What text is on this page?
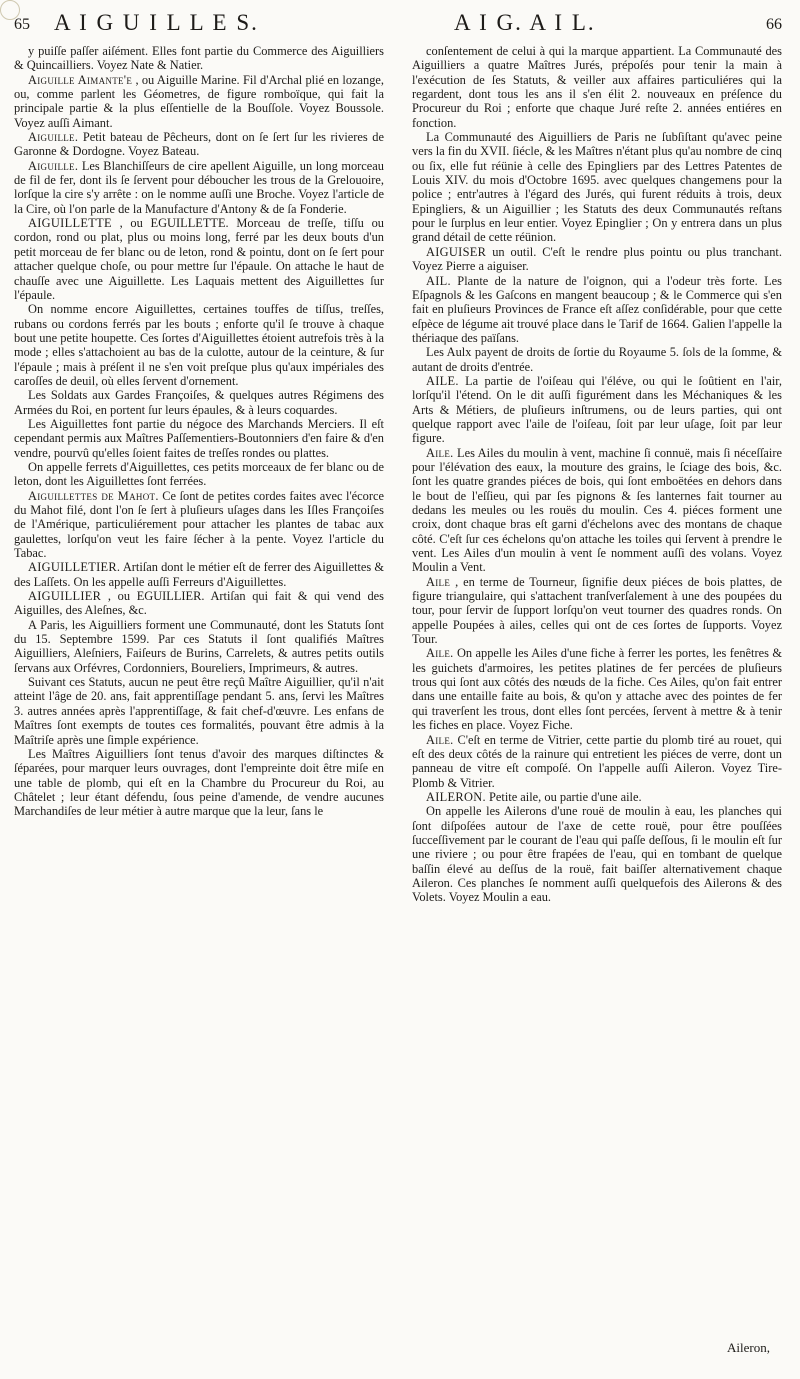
65 A I G U I L L E S.	A I G. A I L.	66

y puiſſe paſſer aiſément. Elles font partie du Commerce des Aiguilliers & Quincailliers. Voyez Nate & Natier.

Aiguille Aimante'e , ou Aiguille Marine. Fil d'Archal plié en lozange, ou, comme parlent les Géometres, de figure romboïque, qui fait la principale partie & la plus eſſentielle de la Bouſſole. Voyez Boussole. Voyez auſſi Aimant.

Aiguille. Petit bateau de Pêcheurs, dont on ſe ſert ſur les rivieres de Garonne & Dordogne. Voyez Bateau.

Aiguille. Les Blanchiſſeurs de cire apellent Aiguille, un long morceau de fil de fer, dont ils ſe ſervent pour déboucher les trous de la Grelouoire, lorſque la cire s'y arrête : on le nomme auſſi une Broche. Voyez l'article de la Cire, où l'on parle de la Manufacture d'Antony & de ſa Fonderie.

AIGUILLETTE , ou EGUILLETTE. Morceau de treſſe, tiſſu ou cordon, rond ou plat, plus ou moins long, ferré par les deux bouts d'un petit morceau de fer blanc ou de leton, rond & pointu, dont on ſe ſert pour attacher quelque choſe, ou pour mettre ſur l'épaule. On attache le haut de chauſſe avec une Aiguillette. Les Laquais mettent des Aiguillettes ſur l'épaule.

On nomme encore Aiguillettes, certaines touffes de tiſſus, treſſes, rubans ou cordons ferrés par les bouts ; enforte qu'il ſe trouve à chaque bout une petite houpette. Ces ſortes d'Aiguillettes étoient autrefois très à la mode ; elles s'attachoient au bas de la culotte, autour de la ceinture, & ſur l'épaule ; mais à préſent il ne s'en voit preſque plus qu'aux impériales des caroſſes de deuil, où elles ſervent d'ornement.

Les Soldats aux Gardes Françoiſes, & quelques autres Régimens des Armées du Roi, en portent ſur leurs épaules, & à leurs coquardes.

Les Aiguillettes font partie du négoce des Marchands Merciers. Il eſt cependant permis aux Maîtres Paſſementiers-Boutonniers d'en faire & d'en vendre, pourvû qu'elles ſoient faites de treſſes rondes ou plattes.

On appelle ferrets d'Aiguillettes, ces petits morceaux de fer blanc ou de leton, dont les Aiguillettes ſont ferrées.

Aiguillettes de Mahot. Ce ſont de petites cordes faites avec l'écorce du Mahot filé, dont l'on ſe ſert à pluſieurs uſages dans les Iſles Françoiſes de l'Amérique, particuliérement pour attacher les plantes de tabac aux gaulettes, lorſqu'on veut les faire ſécher à la pente. Voyez l'article du Tabac.

AIGUILLETIER. Artiſan dont le métier eſt de ferrer des Aiguillettes & des Laſſets. On les appelle auſſi Ferreurs d'Aiguillettes.

AIGUILLIER , ou EGUILLIER. Artiſan qui fait & qui vend des Aiguilles, des Aleſnes, &c.

A Paris, les Aiguilliers forment une Communauté, dont les Statuts ſont du 15. Septembre 1599. Par ces Statuts il ſont qualifiés Maîtres Aiguilliers, Aleſniers, Faiſeurs de Burins, Carrelets, & autres petits outils ſervans aux Orfévres, Cordonniers, Boureliers, Imprimeurs, & autres.

Suivant ces Statuts, aucun ne peut être reçû Maître Aiguillier, qu'il n'ait atteint l'âge de 20. ans, fait apprentiſſage pendant 5. ans, ſervi les Maîtres 3. autres années après l'apprentiſſage, & fait chef-d'œuvre. Les enfans de Maîtres ſont exempts de toutes ces formalités, pouvant être admis à la Maîtriſe après une ſimple expérience.

Les Maîtres Aiguilliers ſont tenus d'avoir des marques diſtinctes & ſéparées, pour marquer leurs ouvrages, dont l'empreinte doit être miſe en une table de plomb, qui eſt en la Chambre du Procureur du Roi, au Châtelet ; leur étant défendu, ſous peine d'amende, de vendre aucunes Marchandiſes de leur métier à autre marque que la leur, ſans le

conſentement de celui à qui la marque appartient. La Communauté des Aiguilliers a quatre Maîtres Jurés, prépoſés pour tenir la main à l'exécution de ſes Statuts, & veiller aux affaires particuliéres qui la regardent, dont tous les ans il s'en élit 2. nouveaux en préſence du Procureur du Roi ; enforte que chaque Juré reſte 2. années entiéres en fonction.

La Communauté des Aiguilliers de Paris ne ſubſiſtant qu'avec peine vers la fin du XVII. ſiécle, & les Maîtres n'étant plus qu'au nombre de cinq ou ſix, elle fut réünie à celle des Epingliers par des Lettres Patentes de Louis XIV. du mois d'Octobre 1695. avec quelques changemens pour la police ; entr'autres à l'égard des Jurés, qui furent réduits à trois, deux Epingliers, & un Aiguillier ; les Statuts des deux Communautés reſtans pour le ſurplus en leur entier. Voyez Epinglier ; On y entrera dans un plus grand détail de cette réünion.

AIGUISER un outil. C'eſt le rendre plus pointu ou plus tranchant. Voyez Pierre a aiguiser.

AIL. Plante de la nature de l'oignon, qui a l'odeur très forte. Les Eſpagnols & les Gaſcons en mangent beaucoup ; & le Commerce qui s'en fait en pluſieurs Provinces de France eſt aſſez conſidérable, pour que cette eſpèce de légume ait trouvé place dans le Tarif de 1664. Galien l'appelle la thériaque des païſans.

Les Aulx payent de droits de ſortie du Royaume 5. ſols de la ſomme, & autant de droits d'entrée.

AILE. La partie de l'oiſeau qui l'éléve, ou qui le ſoûtient en l'air, lorſqu'il l'étend. On le dit auſſi figurément dans les Méchaniques & les Arts & Métiers, de pluſieurs inſtrumens, ou de leurs parties, qui ont quelque rapport avec l'aile de l'oiſeau, ſoit par leur uſage, ſoit par leur figure.

Aile. Les Ailes du moulin à vent, machine ſi connuë, mais ſi néceſſaire pour l'élévation des eaux, la mouture des grains, le ſciage des bois, &c. ſont les quatre grandes piéces de bois, qui ſont emboëtées en dehors dans le bout de l'eſſieu, qui par ſes pignons & ſes lanternes fait tourner au dedans les meules ou les rouës du moulin. Ces 4. piéces forment une croix, dont chaque bras eſt garni d'échelons avec des montans de chaque côté. C'eſt ſur ces échelons qu'on attache les toiles qui ſervent à prendre le vent. Les Ailes d'un moulin à vent ſe nomment auſſi des volans. Voyez Moulin a Vent.

Aile , en terme de Tourneur, ſignifie deux piéces de bois plattes, de figure triangulaire, qui s'attachent tranſverſalement à une des poupées du tour, pour ſervir de ſupport lorſqu'on veut tourner des quadres ronds. On appelle Poupées à ailes, celles qui ont de ces ſortes de ſupports. Voyez Tour.

Aile. On appelle les Ailes d'une fiche à ferrer les portes, les fenêtres & les guichets d'armoires, les petites platines de fer percées de pluſieurs trous qui ſont aux côtés des nœuds de la fiche. Ces Ailes, qu'on fait entrer dans une entaille faite au bois, & qu'on y attache avec des pointes de fer qui traverſent les trous, dont elles ſont percées, ſervent à mettre & à tenir les fiches en place. Voyez Fiche.

Aile. C'eſt en terme de Vitrier, cette partie du plomb tiré au rouet, qui eſt des deux côtés de la rainure qui entretient les piéces de verre, dont un panneau de vitre eſt compoſé. On l'appelle auſſi Aileron. Voyez Tire-Plomb & Vitrier.

AILERON. Petite aile, ou partie d'une aile.

On appelle les Ailerons d'une rouë de moulin à eau, les planches qui ſont diſpoſées autour de l'axe de cette rouë, pour être pouſſées ſucceſſivement par le courant de l'eau qui paſſe deſſous, ſi le moulin eſt ſur une riviere ; ou pour être frapées de l'eau, qui en tombant de quelque baſſin élevé au deſſus de la rouë, fait baiſſer alternativement chaque Aileron. Ces planches ſe nomment auſſi quelquefois des Ailerons & des Volets. Voyez Moulin a eau.

Aileron,
